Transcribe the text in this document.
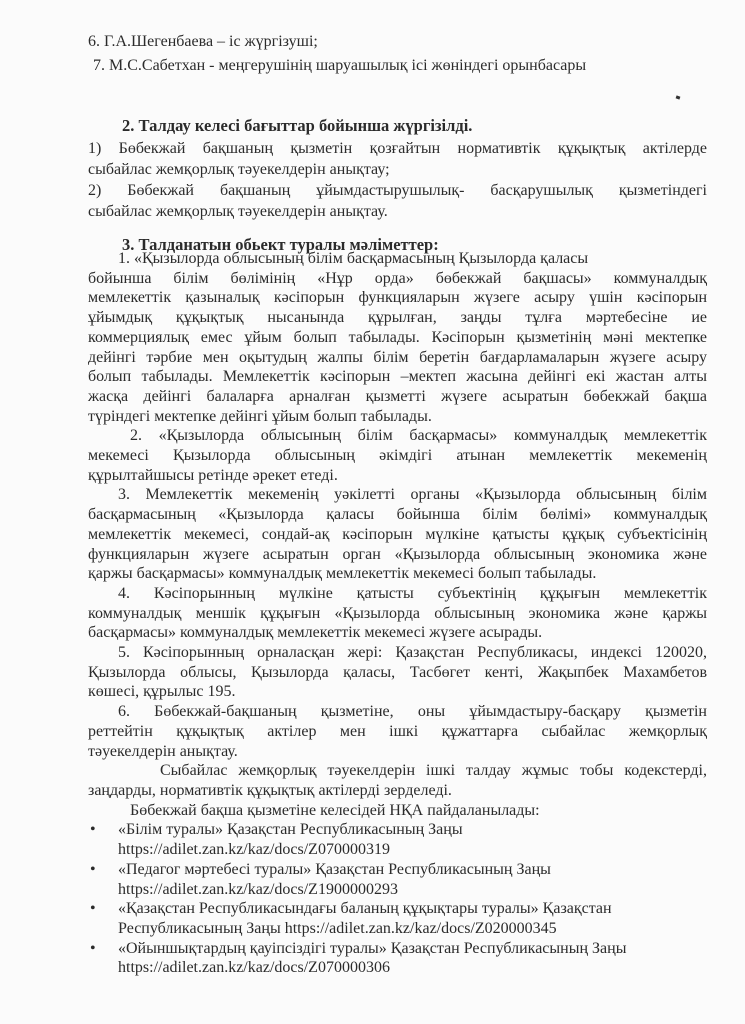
6. Г.А.Шегенбаева – іс жүргізуші;
7. М.С.Сабетхан - меңгерушінің шаруашылық ісі жөніндегі орынбасары
2. Талдау келесі бағыттар бойынша жүргізілді.
1) Бөбекжай бақшаның қызметін қозғайтын нормативтік құқықтық актілерде
сыбайлас жемқорлық тәуекелдерін анықтау;
2) Бөбекжай бақшаның ұйымдастырушылық- басқарушылық қызметіндегі
сыбайлас жемқорлық тәуекелдерін анықтау.
3. Талданатын обьект туралы мәліметтер:
1. «Қызылорда облысының білім басқармасының Қызылорда қаласы
бойынша білім бөлімінің «Нұр орда» бөбекжай бақшасы» коммуналдық
мемлекеттік қазыналық кәсіпорын функцияларын жүзеге асыру үшін кәсіпорын
ұйымдық құқықтық нысанында құрылған, заңды тұлға мәртебесіне ие
коммерциялық емес ұйым болып табылады. Кәсіпорын қызметінің мәні мектепке
дейінгі тәрбие мен оқытудың жалпы білім беретін бағдарламаларын жүзеге асыру
болып табылады. Мемлекеттік кәсіпорын –мектеп жасына дейінгі екі жастан алты
жасқа дейінгі балаларға арналған қызметті жүзеге асыратын бөбекжай бақша
түріндегі мектепке дейінгі ұйым болып табылады.
2. «Қызылорда облысының білім басқармасы» коммуналдық мемлекеттік
мекемесі Қызылорда облысының әкімдігі атынан мемлекеттік мекеменің
құрылтайшысы ретінде әрекет етеді.
3. Мемлекеттік мекеменің уәкілетті органы «Қызылорда облысының білім
басқармасының «Қызылорда қаласы бойынша білім бөлімі» коммуналдық
мемлекеттік мекемесі, сондай-ақ кәсіпорын мүлкіне қатысты құқық субъектісінің
функцияларын жүзеге асыратын орган «Қызылорда облысының экономика және
қаржы басқармасы» коммуналдық мемлекеттік мекемесі болып табылады.
4. Кәсіпорынның мүлкіне қатысты субъектінің құқығын мемлекеттік
коммуналдық меншік құқығын «Қызылорда облысының экономика және қаржы
басқармасы» коммуналдық мемлекеттік мекемесі жүзеге асырады.
5. Кәсіпорынның орналасқан жері: Қазақстан Республикасы, индексі 120020,
Қызылорда облысы, Қызылорда қаласы, Тасбөгет кенті, Жақыпбек Махамбетов
көшесі, құрылыс 195.
6. Бөбекжай-бақшаның қызметіне, оны ұйымдастыру-басқару қызметін
реттейтін құқықтық актілер мен ішкі құжаттарға сыбайлас жемқорлық
тәуекелдерін анықтау.
Сыбайлас жемқорлық тәуекелдерін ішкі талдау жұмыс тобы кодекстерді,
заңдарды, нормативтік құқықтық актілерді зерделеді.
Бөбекжай бақша қызметіне келесідей НҚА пайдаланылады:
• «Білім туралы» Қазақстан Республикасының Заңы
https://adilet.zan.kz/kaz/docs/Z070000319
• «Педагог мәртебесі туралы» Қазақстан Республикасының Заңы
https://adilet.zan.kz/kaz/docs/Z1900000293
• «Қазақстан Республикасындағы баланың құқықтары туралы» Қазақстан
Республикасының Заңы https://adilet.zan.kz/kaz/docs/Z020000345
• «Ойыншықтардың қауіпсіздігі туралы» Қазақстан Республикасының Заңы
https://adilet.zan.kz/kaz/docs/Z070000306
